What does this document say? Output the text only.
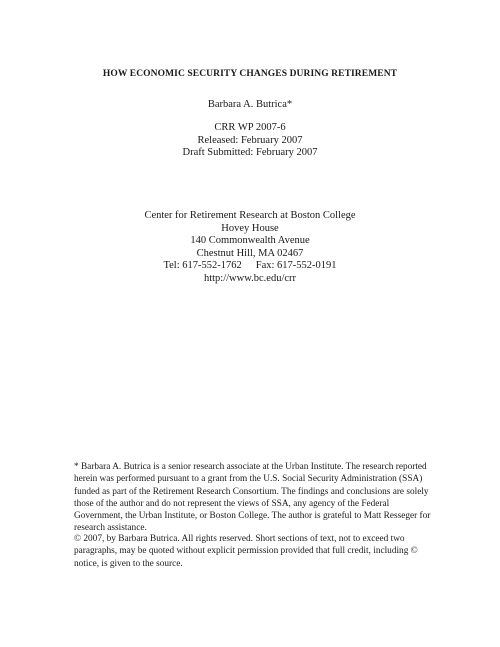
HOW ECONOMIC SECURITY CHANGES DURING RETIREMENT
Barbara A. Butrica*
CRR WP 2007-6
Released: February 2007
Draft Submitted: February 2007
Center for Retirement Research at Boston College
Hovey House
140 Commonwealth Avenue
Chestnut Hill, MA 02467
Tel: 617-552-1762 Fax: 617-552-0191
http://www.bc.edu/crr
* Barbara A. Butrica is a senior research associate at the Urban Institute. The research reported
herein was performed pursuant to a grant from the U.S. Social Security Administration (SSA)
funded as part of the Retirement Research Consortium. The findings and conclusions are solely
those of the author and do not represent the views of SSA, any agency of the Federal
Government, the Urban Institute, or Boston College. The author is grateful to Matt Resseger for
research assistance.
© 2007, by Barbara Butrica. All rights reserved. Short sections of text, not to exceed two
paragraphs, may be quoted without explicit permission provided that full credit, including ©
notice, is given to the source.
